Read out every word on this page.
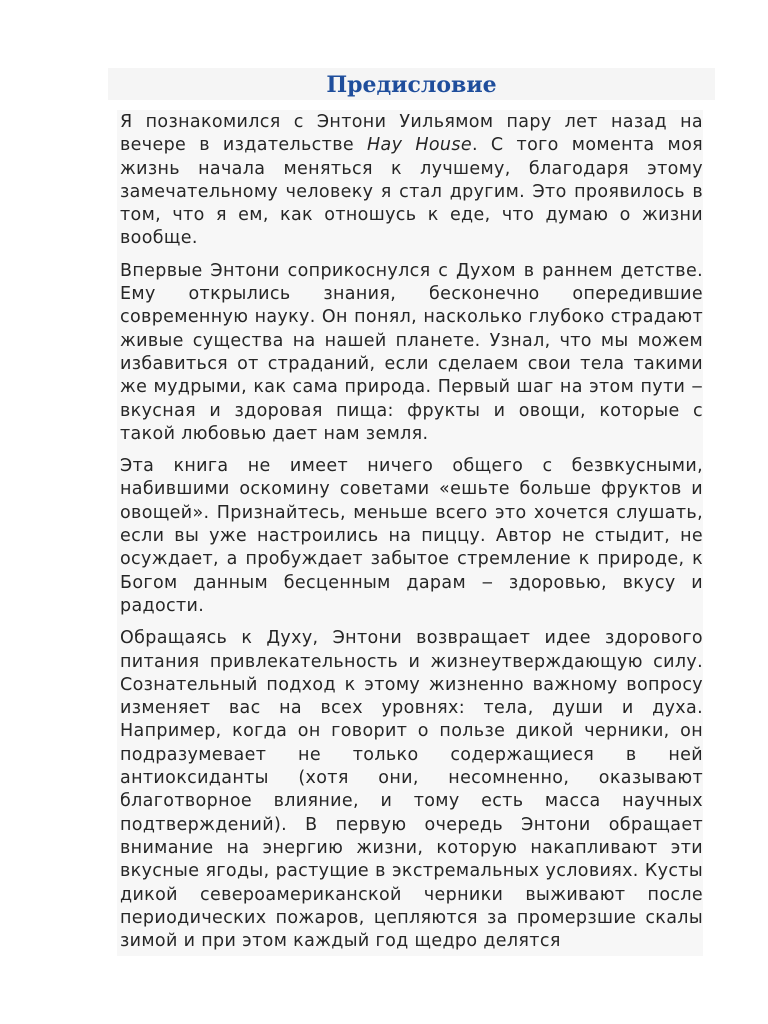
Предисловие

Я познакомился с Энтони Уильямом пару лет назад на вечере в издательстве Hay House. С того момента моя жизнь начала меняться к лучшему, благодаря этому замечательному человеку я стал другим. Это проявилось в том, что я ем, как отношусь к еде, что думаю о жизни вообще.

Впервые Энтони соприкоснулся с Духом в раннем детстве. Ему открылись знания, бесконечно опередившие современную науку. Он понял, насколько глубоко страдают живые существа на нашей планете. Узнал, что мы можем избавиться от страданий, если сделаем свои тела такими же мудрыми, как сама природа. Первый шаг на этом пути ‒ вкусная и здоровая пища: фрукты и овощи, которые с такой любовью дает нам земля.

Эта книга не имеет ничего общего с безвкусными, набившими оскомину советами «ешьте больше фруктов и овощей». Признайтесь, меньше всего это хочется слушать, если вы уже настроились на пиццу. Автор не стыдит, не осуждает, а пробуждает забытое стремление к природе, к Богом данным бесценным дарам ‒ здоровью, вкусу и радости.

Обращаясь к Духу, Энтони возвращает идее здорового питания привлекательность и жизнеутверждающую силу. Сознательный подход к этому жизненно важному вопросу изменяет вас на всех уровнях: тела, души и духа. Например, когда он говорит о пользе дикой черники, он подразумевает не только содержащиеся в ней антиоксиданты (хотя они, несомненно, оказывают благотворное влияние, и тому есть масса научных подтверждений). В первую очередь Энтони обращает внимание на энергию жизни, которую накапливают эти вкусные ягоды, растущие в экстремальных условиях. Кусты дикой североамериканской черники выживают после периодических пожаров, цепляются за промерзшие скалы зимой и при этом каждый год щедро делятся
